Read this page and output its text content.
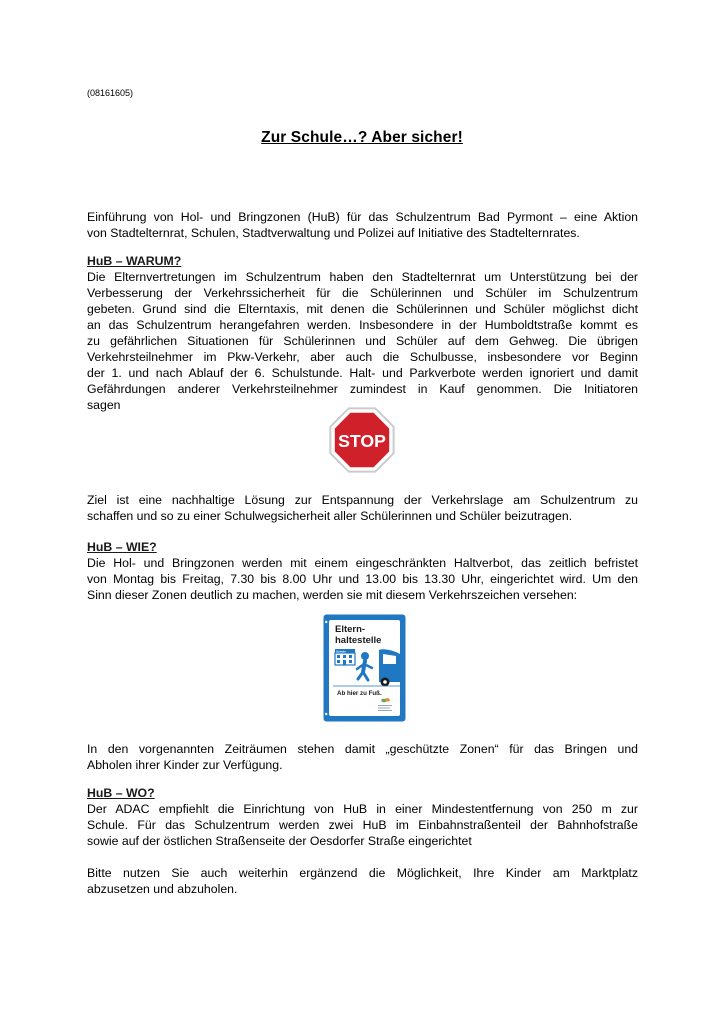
(08161605)
Zur Schule…? Aber sicher!
Einführung von Hol- und Bringzonen (HuB) für das Schulzentrum Bad Pyrmont – eine Aktion
von Stadtelternrat, Schulen, Stadtverwaltung und Polizei auf Initiative des Stadtelternrates.
HuB – WARUM?
Die Elternvertretungen im Schulzentrum haben den Stadtelternrat um Unterstützung bei der
Verbesserung der Verkehrssicherheit für die Schülerinnen und Schüler im Schulzentrum
gebeten. Grund sind die Elterntaxis, mit denen die Schülerinnen und Schüler möglichst dicht
an das Schulzentrum herangefahren werden. Insbesondere in der Humboldtstraße kommt es
zu gefährlichen Situationen für Schülerinnen und Schüler auf dem Gehweg. Die übrigen
Verkehrsteilnehmer im Pkw-Verkehr, aber auch die Schulbusse, insbesondere vor Beginn
der 1. und nach Ablauf der 6. Schulstunde. Halt- und Parkverbote werden ignoriert und damit
Gefährdungen anderer Verkehrsteilnehmer zumindest in Kauf genommen. Die Initiatoren
sagen
STOP
Ziel ist eine nachhaltige Lösung zur Entspannung der Verkehrslage am Schulzentrum zu
schaffen und so zu einer Schulwegsicherheit aller Schülerinnen und Schüler beizutragen.
HuB – WIE?
Die Hol- und Bringzonen werden mit einem eingeschränkten Haltverbot, das zeitlich befristet
von Montag bis Freitag, 7.30 bis 8.00 Uhr und 13.00 bis 13.30 Uhr, eingerichtet wird. Um den
Sinn dieser Zonen deutlich zu machen, werden sie mit diesem Verkehrszeichen versehen:
Eltern-
haltestelle
Schule
Ab hier zu Fuß.
In den vorgenannten Zeiträumen stehen damit „geschützte Zonen“ für das Bringen und
Abholen ihrer Kinder zur Verfügung.
HuB – WO?
Der ADAC empfiehlt die Einrichtung von HuB in einer Mindestentfernung von 250 m zur
Schule. Für das Schulzentrum werden zwei HuB im Einbahnstraßenteil der Bahnhofstraße
sowie auf der östlichen Straßenseite der Oesdorfer Straße eingerichtet
Bitte nutzen Sie auch weiterhin ergänzend die Möglichkeit, Ihre Kinder am Marktplatz
abzusetzen und abzuholen.
